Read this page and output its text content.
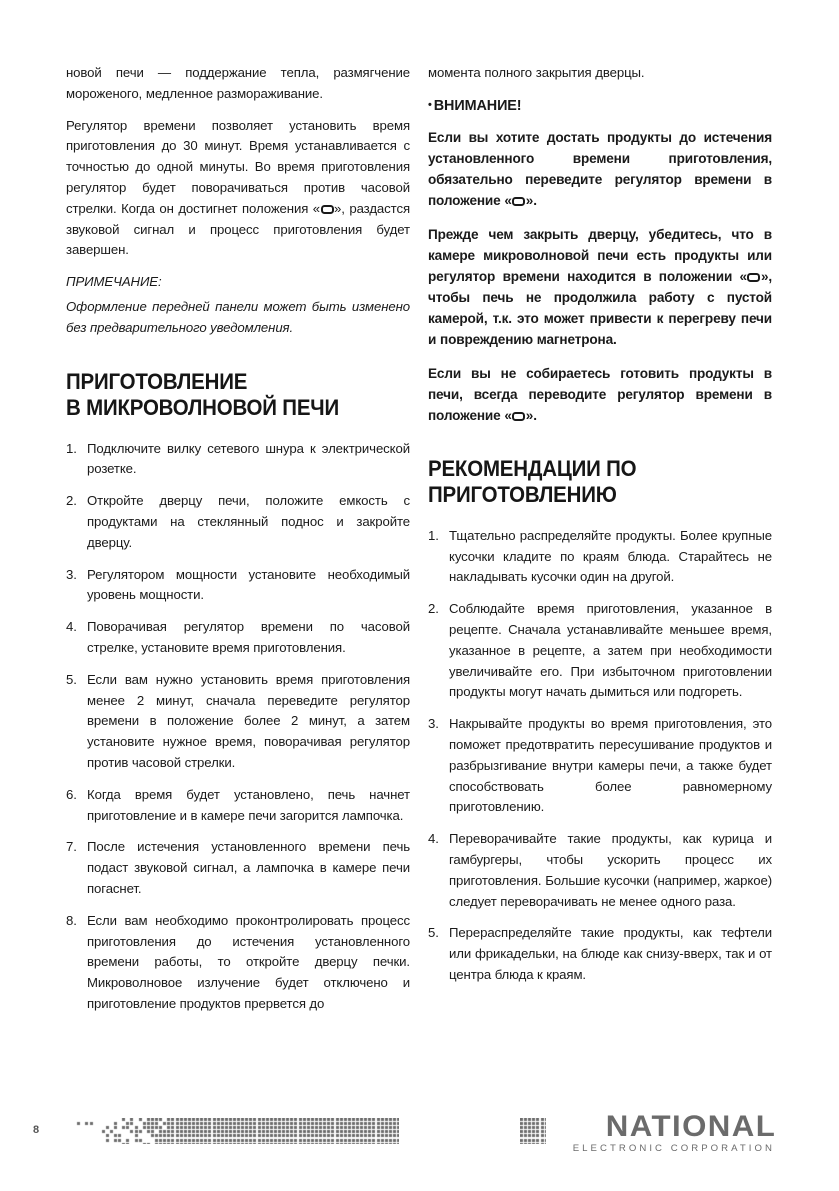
новой печи — поддержание тепла, размягчение мороженого, медленное размораживание.

Регулятор времени позволяет установить время приготовления до 30 минут. Время устанавливается с точностью до одной минуты. Во время приготовления регулятор будет поворачиваться против часовой стрелки. Когда он достигнет положения « », раздастся звуковой сигнал и процесс приготовления будет завершен.

ПРИМЕЧАНИЕ:

Оформление передней панели может быть изменено без предварительного уведомления.

ПРИГОТОВЛЕНИЕ
В МИКРОВОЛНОВОЙ ПЕЧИ
1. Подключите вилку сетевого шнура к электрической розетке.
2. Откройте дверцу печи, положите емкость с продуктами на стеклянный поднос и закройте дверцу.
3. Регулятором мощности установите необходимый уровень мощности.
4. Поворачивая регулятор времени по часовой стрелке, установите время приготовления.
5. Если вам нужно установить время приготовления менее 2 минут, сначала переведите регулятор времени в положение более 2 минут, а затем установите нужное время, поворачивая регулятор против часовой стрелки.
6. Когда время будет установлено, печь начнет приготовление и в камере печи загорится лампочка.
7. После истечения установленного времени печь подаст звуковой сигнал, а лампочка в камере печи погаснет.
8. Если вам необходимо проконтролировать процесс приготовления до истечения установленного времени работы, то откройте дверцу печки. Микроволновое излучение будет отключено и приготовление продуктов прервется до

момента полного закрытия дверцы.

• ВНИМАНИЕ!

Если вы хотите достать продукты до истечения установленного времени приготовления, обязательно переведите регулятор времени в положение « ».

Прежде чем закрыть дверцу, убедитесь, что в камере микроволновой печи есть продукты или регулятор времени находится в положении « », чтобы печь не продолжила работу с пустой камерой, т.к. это может привести к перегреву печи и повреждению магнетрона.

Если вы не собираетесь готовить продукты в печи, всегда переводите регулятор времени в положение « ».

РЕКОМЕНДАЦИИ ПО
ПРИГОТОВЛЕНИЮ
1. Тщательно распределяйте продукты. Более крупные кусочки кладите по краям блюда. Старайтесь не накладывать кусочки один на другой.
2. Соблюдайте время приготовления, указанное в рецепте. Сначала устанавливайте меньшее время, указанное в рецепте, а затем при необходимости увеличивайте его. При избыточном приготовлении продукты могут начать дымиться или подгореть.
3. Накрывайте продукты во время приготовления, это поможет предотвратить пересушивание продуктов и разбрызгивание внутри камеры печи, а также будет способствовать более равномерному приготовлению.
4. Переворачивайте такие продукты, как курица и гамбургеры, чтобы ускорить процесс их приготовления. Большие кусочки (например, жаркое) следует переворачивать не менее одного раза.
5. Перераспределяйте такие продукты, как тефтели или фрикадельки, на блюде как снизу-вверх, так и от центра блюда к краям.
8	NATIONAL
ELECTRONIC CORPORATION
